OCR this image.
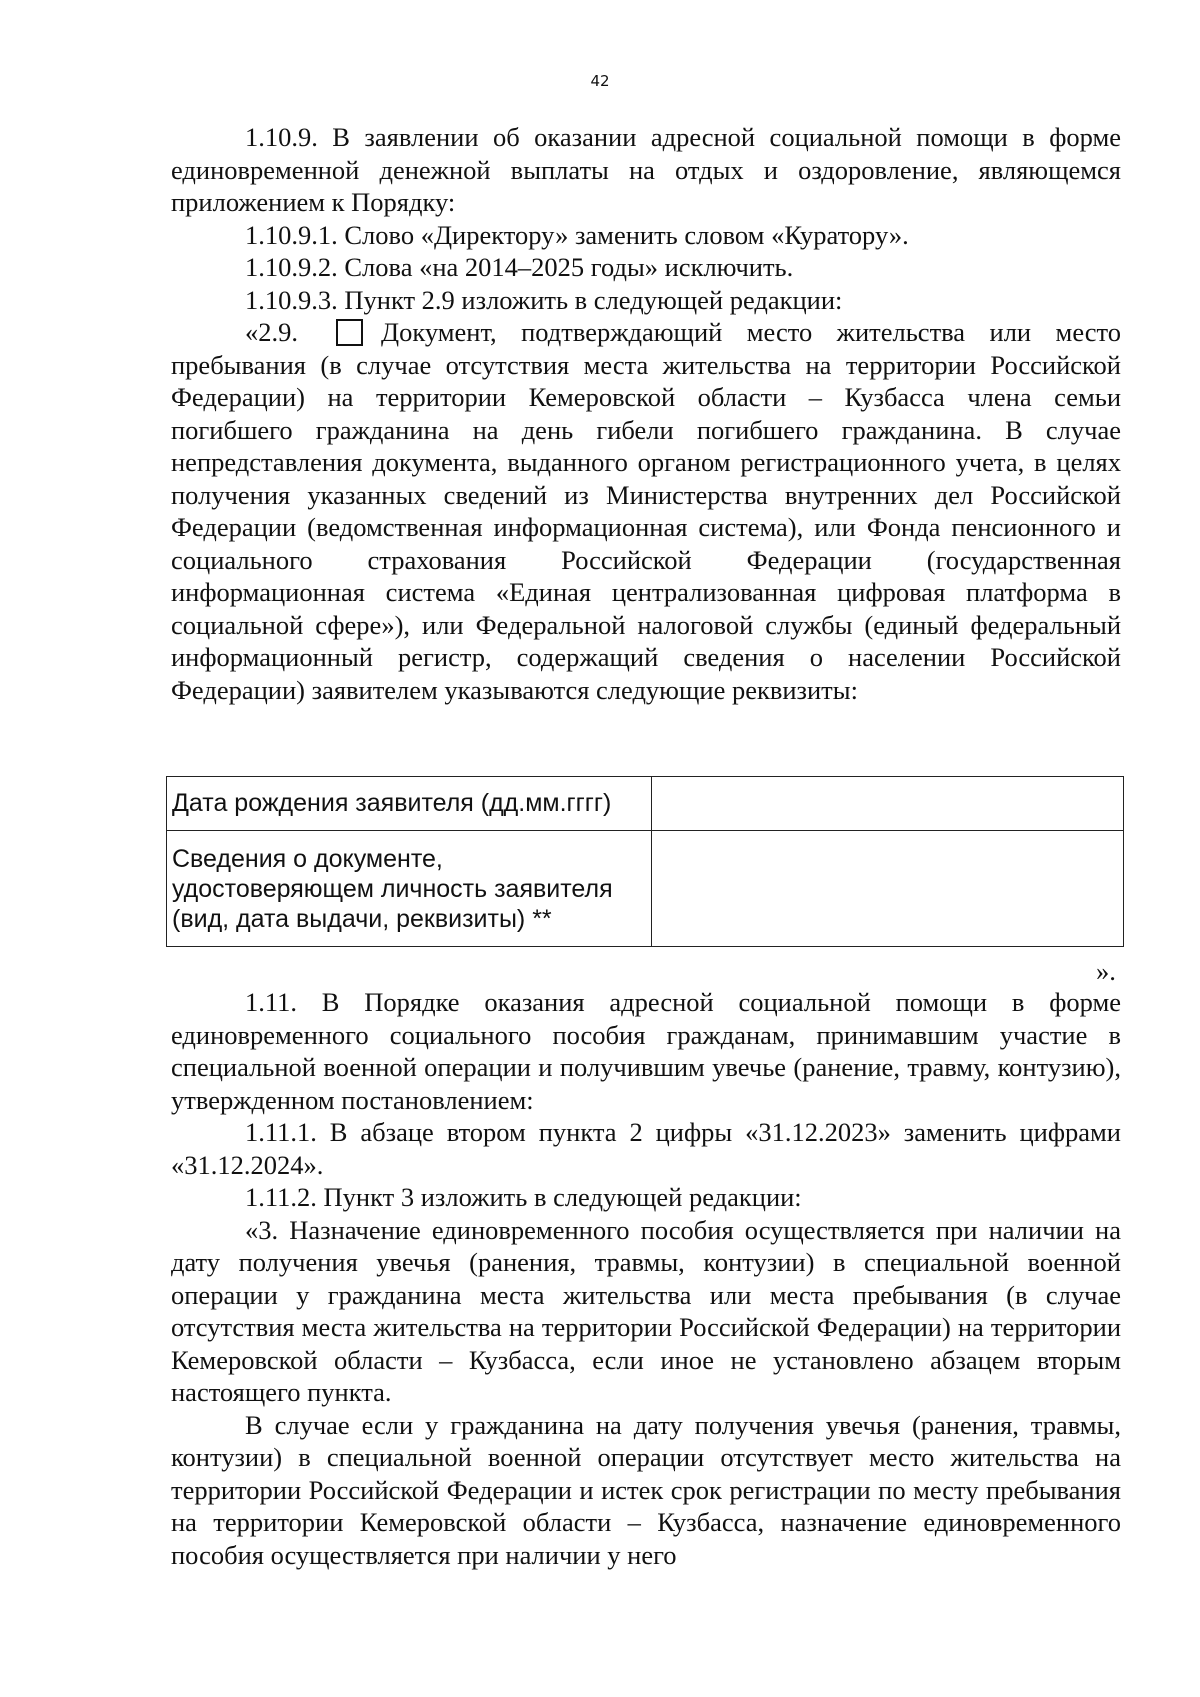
42

1.10.9. В заявлении об оказании адресной социальной помощи в форме единовременной денежной выплаты на отдых и оздоровление, являющемся приложением к Порядку:

1.10.9.1. Слово «Директору» заменить словом «Куратору».

1.10.9.2. Слова «на 2014–2025 годы» исключить.

1.10.9.3. Пункт 2.9 изложить в следующей редакции:

«2.9.	Документ, подтверждающий место жительства или место

пребывания (в случае отсутствия места жительства на территории Российской Федерации) на территории Кемеровской области – Кузбасса члена семьи погибшего гражданина на день гибели погибшего гражданина. В случае непредставления документа, выданного органом регистрационного учета, в целях получения указанных сведений из Министерства внутренних дел Российской Федерации (ведомственная информационная система), или Фонда пенсионного и социального страхования Российской Федерации (государственная информационная система «Единая централизованная цифровая платформа в социальной сфере»), или Федеральной налоговой службы (единый федеральный информационный регистр, содержащий сведения о населении Российской Федерации) заявителем указываются следующие реквизиты:

Дата рождения заявителя (дд.мм.гггг)	
Сведения о документе, удостоверяющем личность заявителя (вид, дата выдачи, реквизиты) **	
».

1.11. В Порядке оказания адресной социальной помощи в форме единовременного социального пособия гражданам, принимавшим участие в специальной военной операции и получившим увечье (ранение, травму, контузию), утвержденном постановлением:

1.11.1. В абзаце втором пункта 2 цифры «31.12.2023» заменить цифрами «31.12.2024».

1.11.2. Пункт 3 изложить в следующей редакции:

«3. Назначение единовременного пособия осуществляется при наличии на дату получения увечья (ранения, травмы, контузии) в специальной военной операции у гражданина места жительства или места пребывания (в случае отсутствия места жительства на территории Российской Федерации) на территории Кемеровской области – Кузбасса, если иное не установлено абзацем вторым настоящего пункта.

В случае если у гражданина на дату получения увечья (ранения, травмы, контузии) в специальной военной операции отсутствует место жительства на территории Российской Федерации и истек срок регистрации по месту пребывания на территории Кемеровской области – Кузбасса, назначение единовременного пособия осуществляется при наличии у него
